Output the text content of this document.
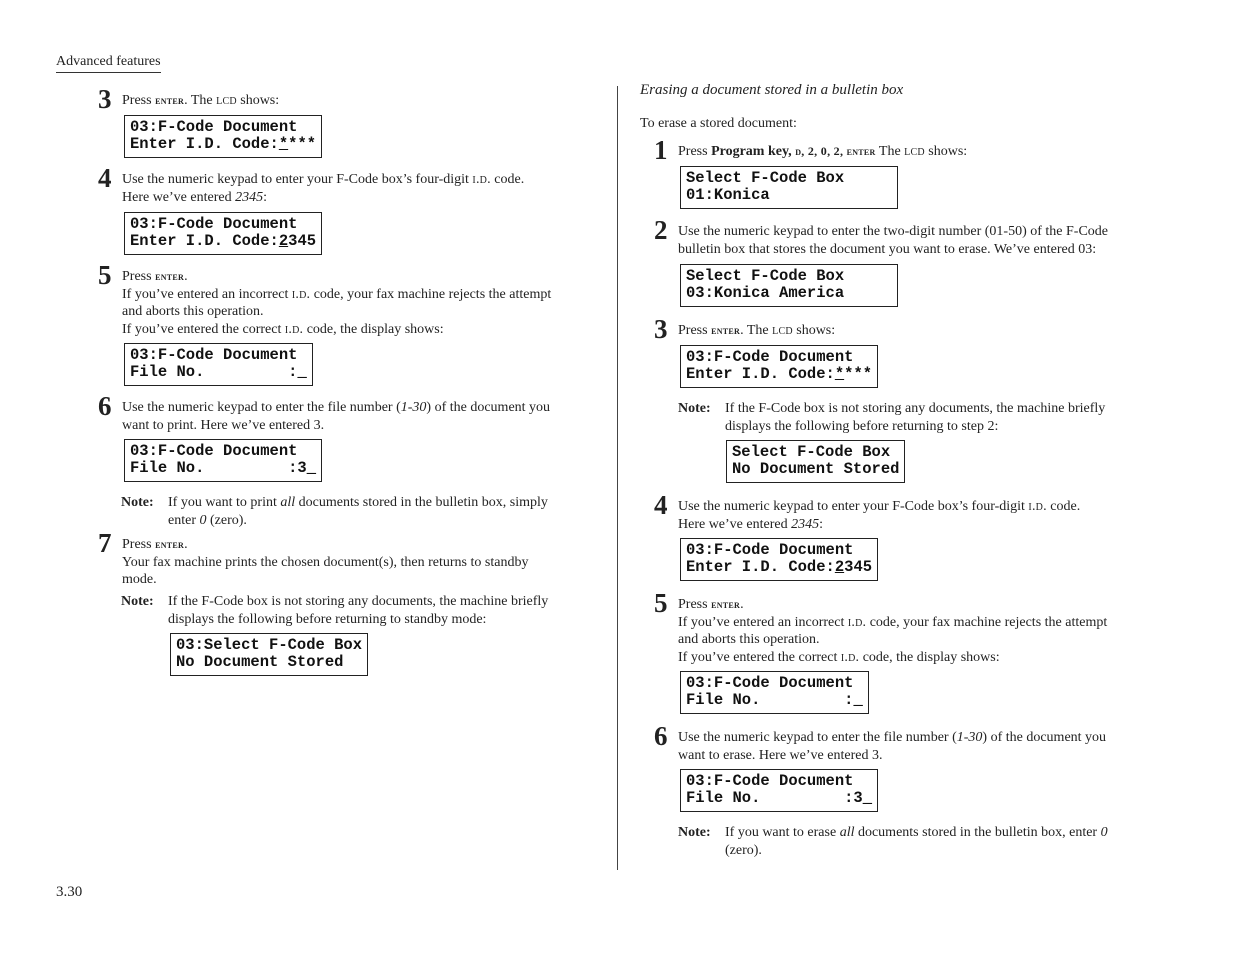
Advanced features
3.30
3 Press enter. The lcd shows:
03:F-Code Document
Enter I.D. Code:****
4 Use the numeric keypad to enter your F-Code box’s four-digit i.d. code.
Here we’ve entered 2345:
03:F-Code Document
Enter I.D. Code:2345
5 Press enter.
If you’ve entered an incorrect i.d. code, your fax machine rejects the attempt
and aborts this operation.
If you’ve entered the correct i.d. code, the display shows:
03:F-Code Document
File No.         :_
6 Use the numeric keypad to enter the file number (1-30) of the document you
want to print. Here we’ve entered 3.
03:F-Code Document
File No.         :3_
Note: If you want to print all documents stored in the bulletin box, simply
enter 0 (zero).
7 Press enter.
Your fax machine prints the chosen document(s), then returns to standby
mode.
Note: If the F-Code box is not storing any documents, the machine briefly
displays the following before returning to standby mode:
03:Select F-Code Box
No Document Stored
Erasing a document stored in a bulletin box
To erase a stored document:
1 Press Program key, d, 2, 0, 2, enter The lcd shows:
Select F-Code Box
01:Konica
2 Use the numeric keypad to enter the two-digit number (01-50) of the F-Code
bulletin box that stores the document you want to erase. We’ve entered 03:
Select F-Code Box
03:Konica America
3 Press enter. The lcd shows:
03:F-Code Document
Enter I.D. Code:****
Note: If the F-Code box is not storing any documents, the machine briefly
displays the following before returning to step 2:
Select F-Code Box
No Document Stored
4 Use the numeric keypad to enter your F-Code box’s four-digit i.d. code.
Here we’ve entered 2345:
03:F-Code Document
Enter I.D. Code:2345
5 Press enter.
If you’ve entered an incorrect i.d. code, your fax machine rejects the attempt
and aborts this operation.
If you’ve entered the correct i.d. code, the display shows:
03:F-Code Document
File No.         :_
6 Use the numeric keypad to enter the file number (1-30) of the document you
want to erase. Here we’ve entered 3.
03:F-Code Document
File No.         :3_
Note: If you want to erase all documents stored in the bulletin box, enter 0
(zero).
